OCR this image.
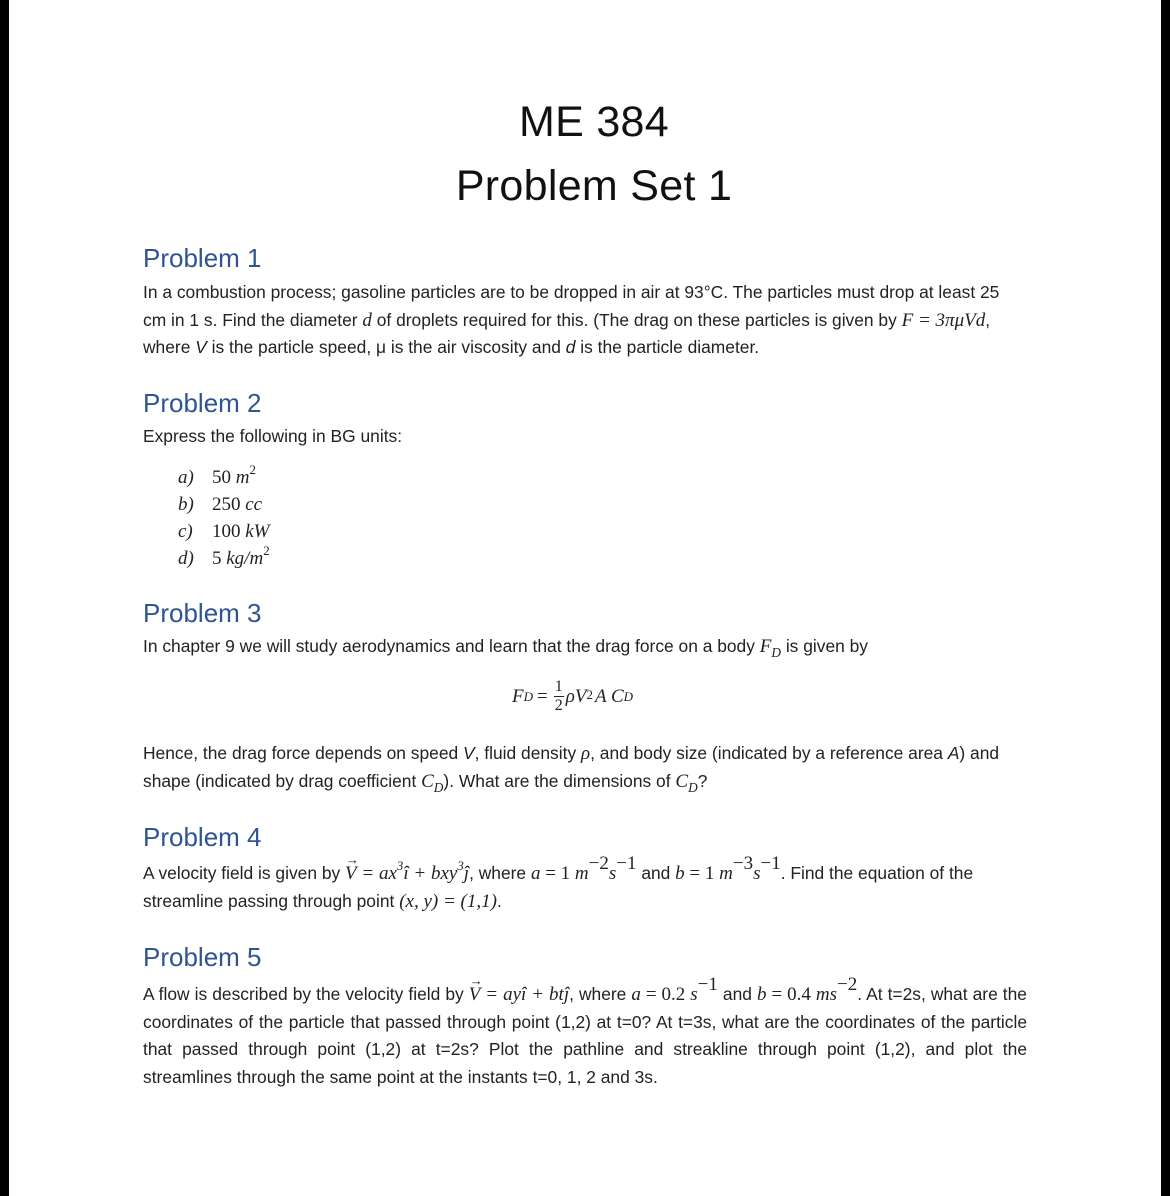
ME 384
Problem Set 1
Problem 1
In a combustion process; gasoline particles are to be dropped in air at 93°C. The particles must drop at least 25 cm in 1 s. Find the diameter d of droplets required for this. (The drag on these particles is given by F = 3πμVd, where V is the particle speed, μ is the air viscosity and d is the particle diameter.
Problem 2
Express the following in BG units:
a) 50 $m^2$
b) 250 cc
c) 100 kW
d) 5 $kg/m^2$
Problem 3
In chapter 9 we will study aerodynamics and learn that the drag force on a body $F_D$ is given by
F $D = \frac{1}{2} \rho V^2$ A C D
Hence, the drag force depends on speed V, fluid density ρ, and body size (indicated by a reference area A) and shape (indicated by drag coefficient $C_D$). What are the dimensions of $C_D$?
Problem 4
A velocity field is given by → $V = ax^3î$ + bxy$^3$ĵ, where a = 1 $m^{-2}s^{-1}$ and b = 1 $m^{-3}s^{-1}$. Find the equation of the streamline passing through point (x, y) = (1,1).
Problem 5
A flow is described by the velocity field by → V = ayî + btĵ, where a = 0.2 $s^{-1}$ and b = 0.4 $ms^{-2}$. At t=2s, what are the coordinates of the particle that passed through point (1,2) at t=0? At t=3s, what are the coordinates of the particle that passed through point (1,2) at t=2s? Plot the pathline and streakline through point (1,2), and plot the streamlines through the same point at the instants t=0, 1, 2 and 3s.
